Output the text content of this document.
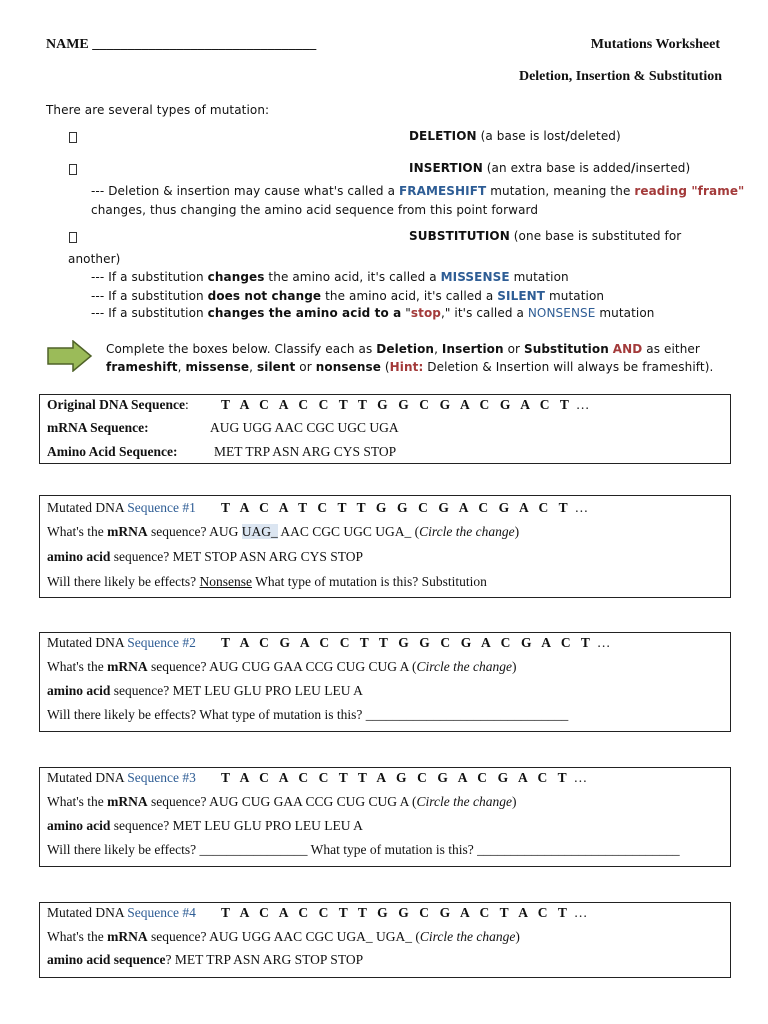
NAME ________________________________	Mutations Worksheet
Deletion, Insertion & Substitution
There are several types of mutation:
DELETION (a base is lost/deleted)
INSERTION (an extra base is added/inserted)
--- Deletion & insertion may cause what's called a FRAMESHIFT mutation, meaning the reading "frame"
changes, thus changing the amino acid sequence from this point forward
SUBSTITUTION (one base is substituted for
another)
--- If a substitution changes the amino acid, it's called a MISSENSE mutation
--- If a substitution does not change the amino acid, it's called a SILENT mutation
--- If a substitution changes the amino acid to a "stop," it's called a NONSENSE mutation
Complete the boxes below. Classify each as Deletion, Insertion or Substitution AND as either
frameshift, missense, silent or nonsense (Hint: Deletion & Insertion will always be frameshift).
Original DNA Sequence: T A C A C C T T G G C G A C G A C T …
mRNA Sequence:	AUG UGG AAC CGC UGC UGA
Amino Acid Sequence:	MET TRP ASN ARG CYS STOP
Mutated DNA Sequence #1 T A C A T C T T G G C G A C G A C T …
What's the mRNA sequence? AUG UAG_ AAC CGC UGC UGA_ (Circle the change)
amino acid sequence? MET STOP ASN ARG CYS STOP
Will there likely be effects? Nonsense What type of mutation is this? Substitution
Mutated DNA Sequence #2 T A C G A C C T T G G C G A C G A C T …
What's the mRNA sequence? AUG CUG GAA CCG CUG CUG A (Circle the change)
amino acid sequence? MET LEU GLU PRO LEU LEU A
Will there likely be effects? What type of mutation is this? ______________________________
Mutated DNA Sequence #3 T A C A C C T T A G C G A C G A C T …
What's the mRNA sequence? AUG CUG GAA CCG CUG CUG A (Circle the change)
amino acid sequence? MET LEU GLU PRO LEU LEU A
Will there likely be effects? ________________ What type of mutation is this? ______________________________
Mutated DNA Sequence #4 T A C A C C T T G G C G A C T A C T …
What's the mRNA sequence? AUG UGG AAC CGC UGA_ UGA_ (Circle the change)
amino acid sequence? MET TRP ASN ARG STOP STOP
